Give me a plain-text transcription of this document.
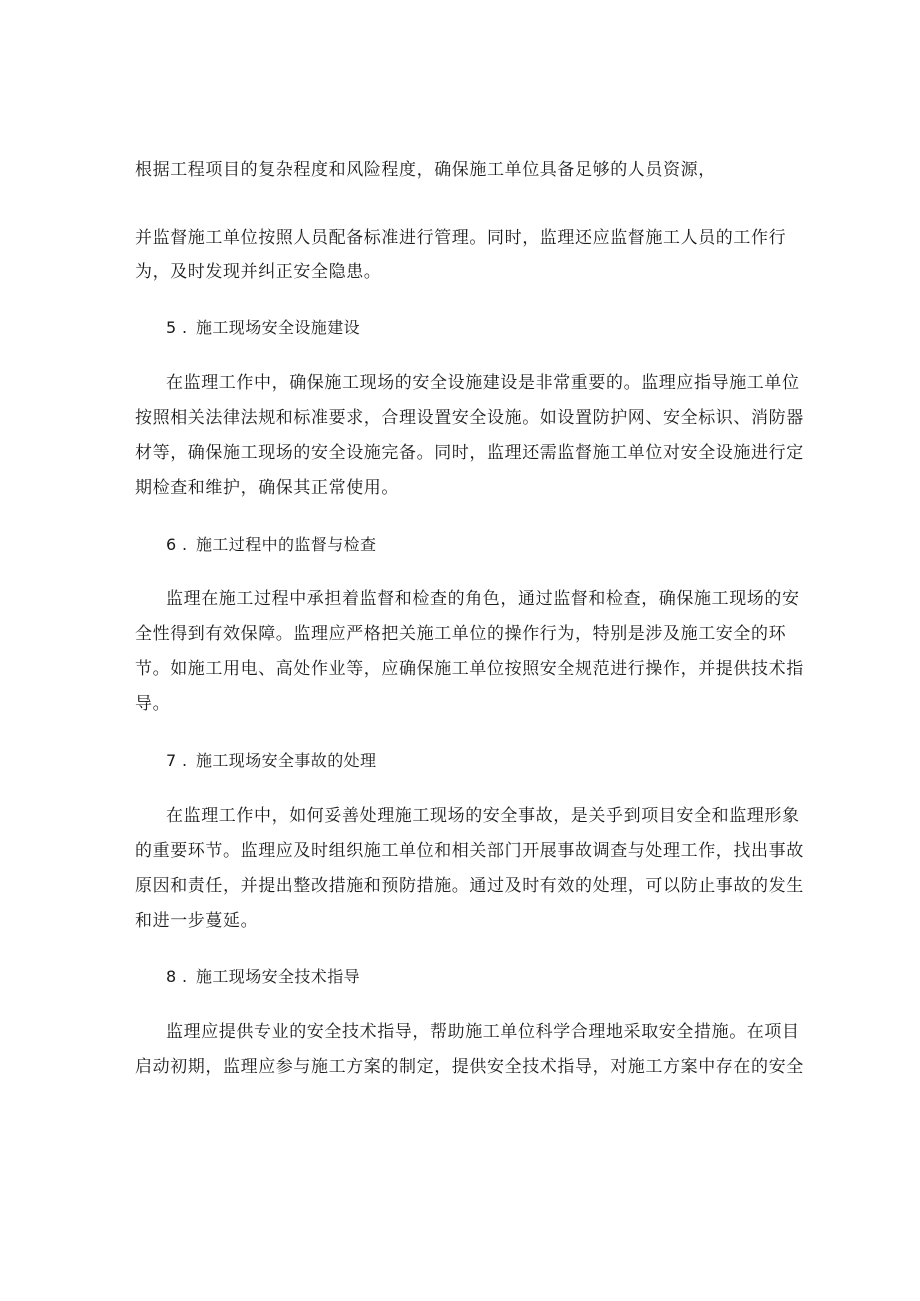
根据工程项目的复杂程度和风险程度，确保施工单位具备足够的人员资源，
并监督施工单位按照人员配备标准进行管理。同时，监理还应监督施工人员的工作行
为，及时发现并纠正安全隐患。
5 . 施工现场安全设施建设
在监理工作中，确保施工现场的安全设施建设是非常重要的。监理应指导施工单位
按照相关法律法规和标准要求，合理设置安全设施。如设置防护网、安全标识、消防器
材等，确保施工现场的安全设施完备。同时，监理还需监督施工单位对安全设施进行定
期检查和维护，确保其正常使用。
6 . 施工过程中的监督与检查
监理在施工过程中承担着监督和检查的角色，通过监督和检查，确保施工现场的安
全性得到有效保障。监理应严格把关施工单位的操作行为，特别是涉及施工安全的环
节。如施工用电、高处作业等，应确保施工单位按照安全规范进行操作，并提供技术指
导。
7 . 施工现场安全事故的处理
在监理工作中，如何妥善处理施工现场的安全事故，是关乎到项目安全和监理形象
的重要环节。监理应及时组织施工单位和相关部门开展事故调查与处理工作，找出事故
原因和责任，并提出整改措施和预防措施。通过及时有效的处理，可以防止事故的发生
和进一步蔓延。
8 . 施工现场安全技术指导
监理应提供专业的安全技术指导，帮助施工单位科学合理地采取安全措施。在项目
启动初期，监理应参与施工方案的制定，提供安全技术指导，对施工方案中存在的安全
